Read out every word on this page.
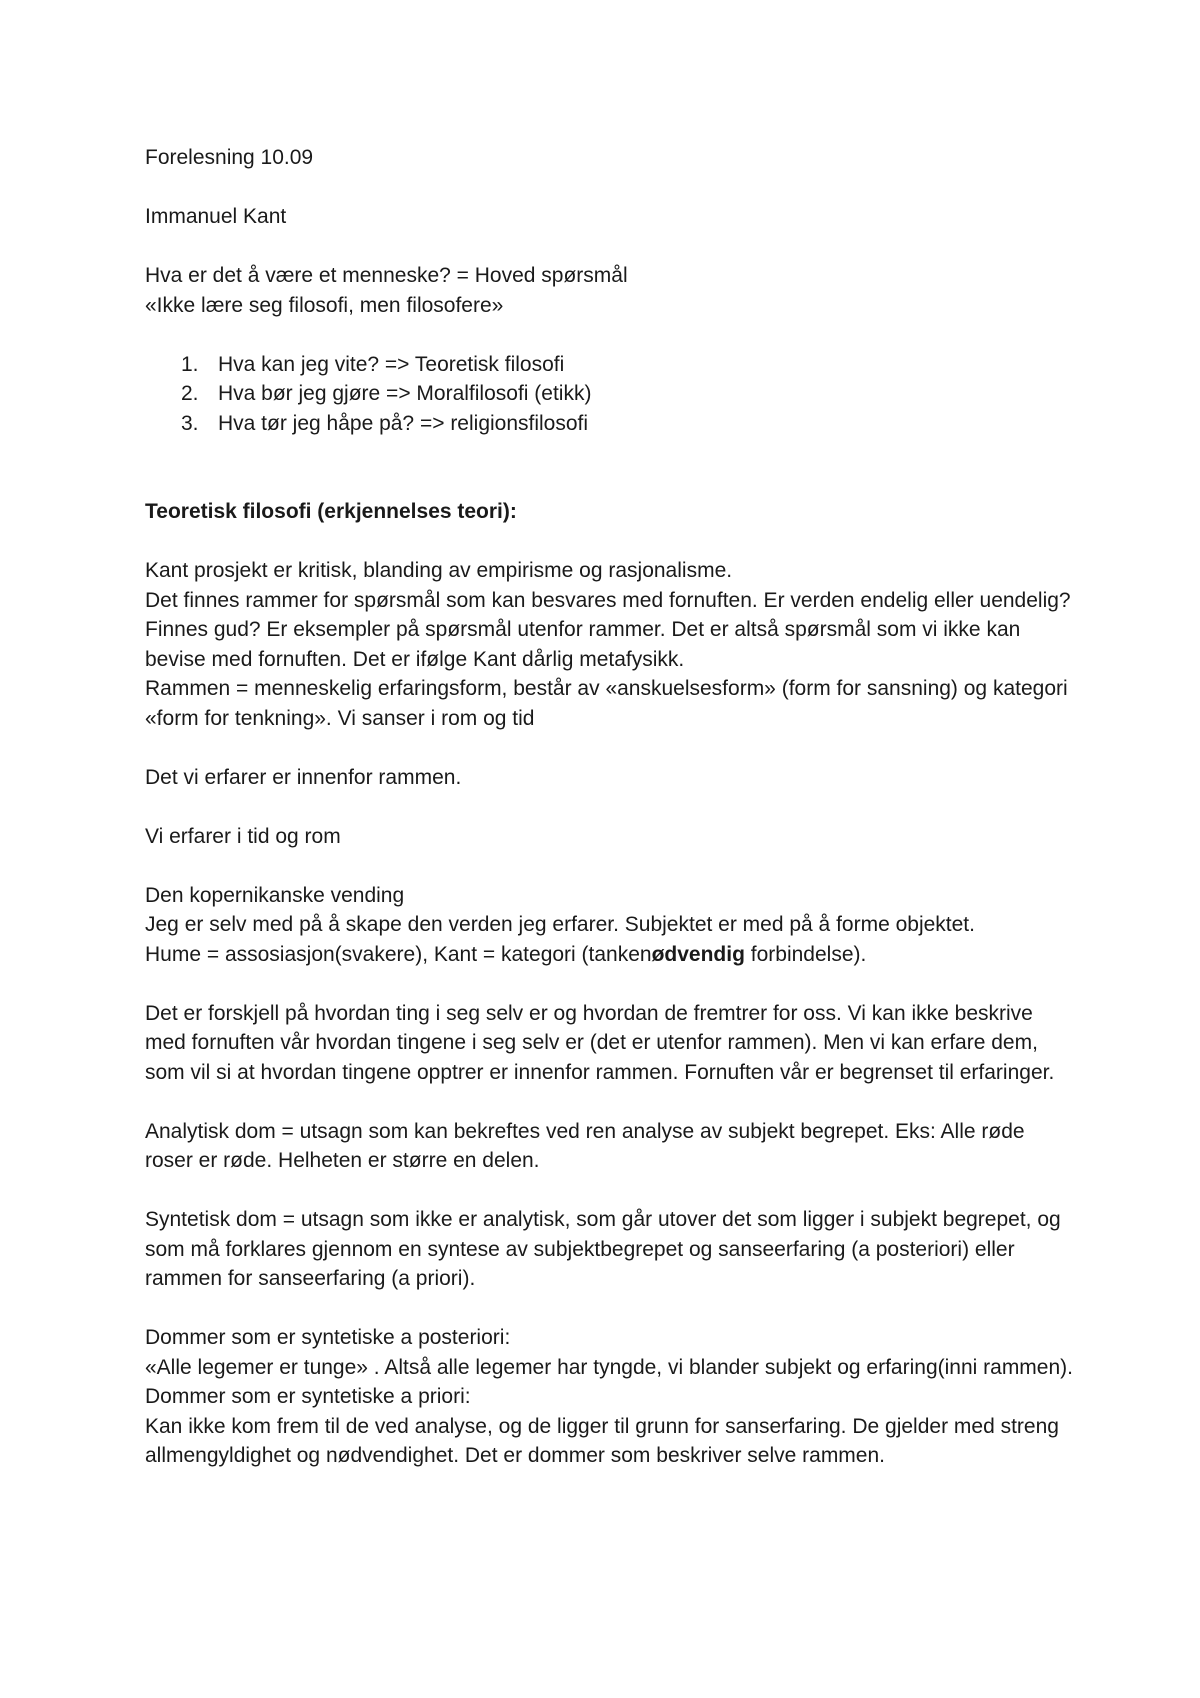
Forelesning 10.09

Immanuel Kant

Hva er det å være et menneske? = Hoved spørsmål

«Ikke lære seg filosofi, men filosofere»

1. Hva kan jeg vite? => Teoretisk filosofi
2. Hva bør jeg gjøre => Moralfilosofi (etikk)
3. Hva tør jeg håpe på? => religionsfilosofi

Teoretisk filosofi (erkjennelses teori):

Kant prosjekt er kritisk, blanding av empirisme og rasjonalisme.

Det finnes rammer for spørsmål som kan besvares med fornuften. Er verden endelig eller uendelig? Finnes gud? Er eksempler på spørsmål utenfor rammer. Det er altså spørsmål som vi ikke kan bevise med fornuften. Det er ifølge Kant dårlig metafysikk.

Rammen = menneskelig erfaringsform, består av «anskuelsesform» (form for sansning) og kategori «form for tenkning». Vi sanser i rom og tid

Det vi erfarer er innenfor rammen.

Vi erfarer i tid og rom

Den kopernikanske vending

Jeg er selv med på å skape den verden jeg erfarer. Subjektet er med på å forme objektet.

Hume = assosiasjon(svakere), Kant = kategori (tankenødvendig forbindelse).

Det er forskjell på hvordan ting i seg selv er og hvordan de fremtrer for oss. Vi kan ikke beskrive med fornuften vår hvordan tingene i seg selv er (det er utenfor rammen). Men vi kan erfare dem, som vil si at hvordan tingene opptrer er innenfor rammen. Fornuften vår er begrenset til erfaringer.

Analytisk dom = utsagn som kan bekreftes ved ren analyse av subjekt begrepet. Eks: Alle røde roser er røde. Helheten er større en delen.

Syntetisk dom = utsagn som ikke er analytisk, som går utover det som ligger i subjekt begrepet, og som må forklares gjennom en syntese av subjektbegrepet og sanseerfaring (a posteriori) eller rammen for sanseerfaring (a priori).

Dommer som er syntetiske a posteriori:

«Alle legemer er tunge» . Altså alle legemer har tyngde, vi blander subjekt og erfaring(inni rammen).

Dommer som er syntetiske a priori:

Kan ikke kom frem til de ved analyse, og de ligger til grunn for sanserfaring. De gjelder med streng allmengyldighet og nødvendighet. Det er dommer som beskriver selve rammen.
